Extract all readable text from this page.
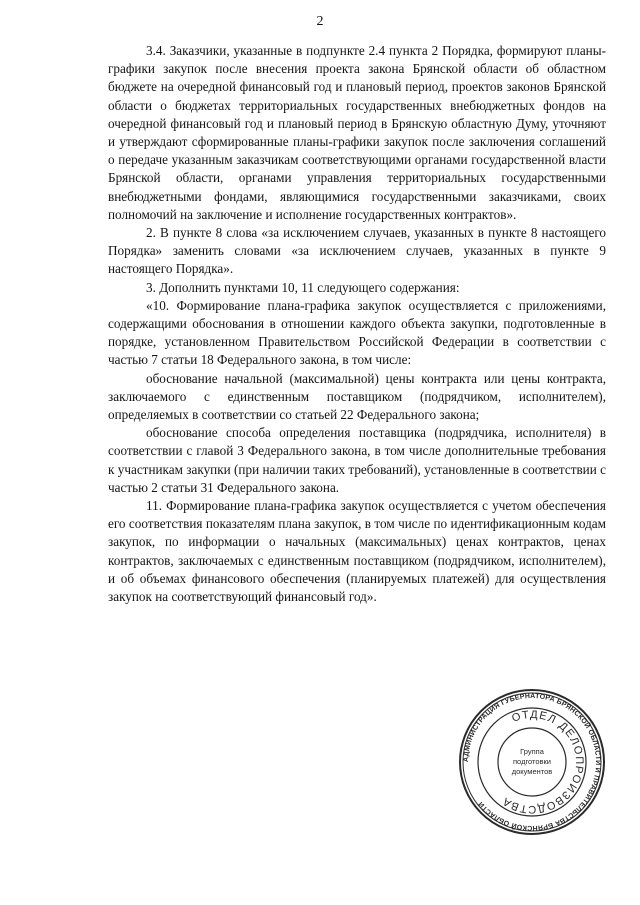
2

3.4. Заказчики, указанные в подпункте 2.4 пункта 2 Порядка, формируют планы-графики закупок после внесения проекта закона Брянской области об областном бюджете на очередной финансовый год и плановый период, проектов законов Брянской области о бюджетах территориальных государственных внебюджетных фондов на очередной финансовый год и плановый период в Брянскую областную Думу, уточняют и утверждают сформированные планы-графики закупок после заключения соглашений о передаче указанным заказчикам соответствующими органами государственной власти Брянской области, органами управления территориальных государственными внебюджетными фондами, являющимися государственными заказчиками, своих полномочий на заключение и исполнение государственных контрактов».

2. В пункте 8 слова «за исключением случаев, указанных в пункте 8 настоящего Порядка» заменить словами «за исключением случаев, указанных в пункте 9 настоящего Порядка».

3. Дополнить пунктами 10, 11 следующего содержания:

«10. Формирование плана-графика закупок осуществляется с приложениями, содержащими обоснования в отношении каждого объекта закупки, подготовленные в порядке, установленном Правительством Российской Федерации в соответствии с частью 7 статьи 18 Федерального закона, в том числе:

обоснование начальной (максимальной) цены контракта или цены контракта, заключаемого с единственным поставщиком (подрядчиком, исполнителем), определяемых в соответствии со статьей 22 Федерального закона;

обоснование способа определения поставщика (подрядчика, исполнителя) в соответствии с главой 3 Федерального закона, в том числе дополнительные требования к участникам закупки (при наличии таких требований), установленные в соответствии с частью 2 статьи 31 Федерального закона.

11. Формирование плана-графика закупок осуществляется с учетом обеспечения его соответствия показателям плана закупок, в том числе по идентификационным кодам закупок, по информации о начальных (максимальных) ценах контрактов, ценах контрактов, заключаемых с единственным поставщиком (подрядчиком, исполнителем), и об объемах финансового обеспечения (планируемых платежей) для осуществления закупок на соответствующий финансовый год».

АДМИНИСТРАЦИЯ ГУБЕРНАТОРА БРЯНСКОЙ ОБЛАСТИ И ПРАВИТЕЛЬСТВА БРЯНСКОЙ ОБЛАСТИ
ОТДЕЛ ДЕЛОПРОИЗВОДСТВА
Группа
подготовки
документов
